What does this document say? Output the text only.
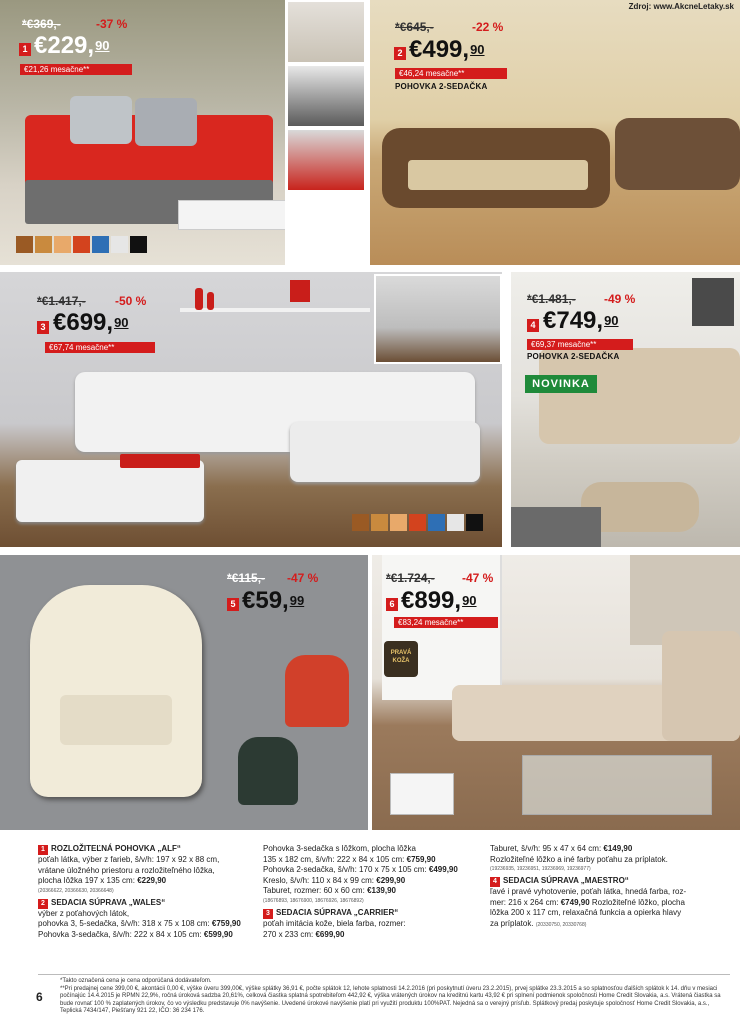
*€369,-	-37 %
1 €229,90
€21,26 mesačne**
Zdroj: www.AkcneLetaky.sk
*€645,-	-22 %
2 €499,90
€46,24 mesačne**
POHOVKA 2-SEDAČKA
*€1.417,- -50 %
3 €699,90
€67,74 mesačne**
NOVINKA
*€1.481,- -49 %
4 €749,90
€69,37 mesačne**
POHOVKA 2-SEDAČKA
*€115,- -47 %
5 €59,99
PRAVÁ KOŽA
*€1.724,- -47 %
6 €899,90
€83,24 mesačne**
1 ROZLOŽITEĽNÁ POHOVKA „ALF“
poťah látka, výber z farieb, š/v/h: 197 x 92 x 88 cm,
vrátane úložného priestoru a rozložiteľného lôžka,
plocha lôžka 197 x 135 cm: €229,90
(20366622, 20366630, 20366648)
2 SEDACIA SÚPRAVA „WALES“
výber z poťahových látok,
pohovka 3, 5-sedačka, š/v/h: 318 x 75 x 108 cm: €759,90
Pohovka 3-sedačka, š/v/h: 222 x 84 x 105 cm: €599,90
Pohovka 3-sedačka s lôžkom, plocha lôžka
135 x 182 cm, š/v/h: 222 x 84 x 105 cm: €759,90
Pohovka 2-sedačka, š/v/h: 170 x 75 x 105 cm: €499,90
Kreslo, š/v/h: 110 x 84 x 99 cm: €299,90
Taburet, rozmer: 60 x 60 cm: €139,90
(18676893, 18676900, 18676926, 18676892)
3 SEDACIA SÚPRAVA „CARRIER“
poťah imitácia kože, biela farba, rozmer:
270 x 233 cm: €699,90
Taburet, š/v/h: 95 x 47 x 64 cm: €149,90
Rozložiteľné lôžko a iné farby poťahu za príplatok.
(19236935, 19236951, 19236969, 19236977)
4 SEDACIA SÚPRAVA „MAESTRO“
ľavé i pravé vyhotovenie, poťah látka, hnedá farba, roz-
mer: 216 x 264 cm: €749,90 Rozložiteľné lôžko, plocha
lôžka 200 x 117 cm, relaxačná funkcia a opierka hlavy
za príplatok. (20330750, 20330768)
6
*Takto označená cena je cena odporúčaná dodávateľom.
**Pri predajnej cene 399,00 €, akontácii 0,00 €, výške úveru 399,00€, výške splátky 36,91 €, počte splátok 12, lehote splatnosti 14.2.2016 (pri poskytnutí úveru 23.2.2015), prvej splátke 23.3.2015 a so splatnosťou ďalších splátok k 14. dňu v mesiaci počínajúc 14.4.2015 je RPMN 22,9%, ročná úroková sadzba 20,61%, celková čiastka splatná spotrebiteľom 442,92 €, výška vrátených úrokov na kreditnú kartu 43,92 € pri splnení podmienok spoločnosti Home Credit Slovakia, a.s. Vrátená čiastka sa bude rovnať 100 % zaplatených úrokov, čo vo výsledku predstavuje 0% navýšenie. Uvedené úrokové navýšenie platí pri využití produktu 100%PAT. Nejedná sa o verejný prísľub. Splátkový predaj poskytuje spoločnosť Home Credit Slovakia, a.s., Teplická 7434/147, Piešťany 921 22, IČO: 36 234 176.
